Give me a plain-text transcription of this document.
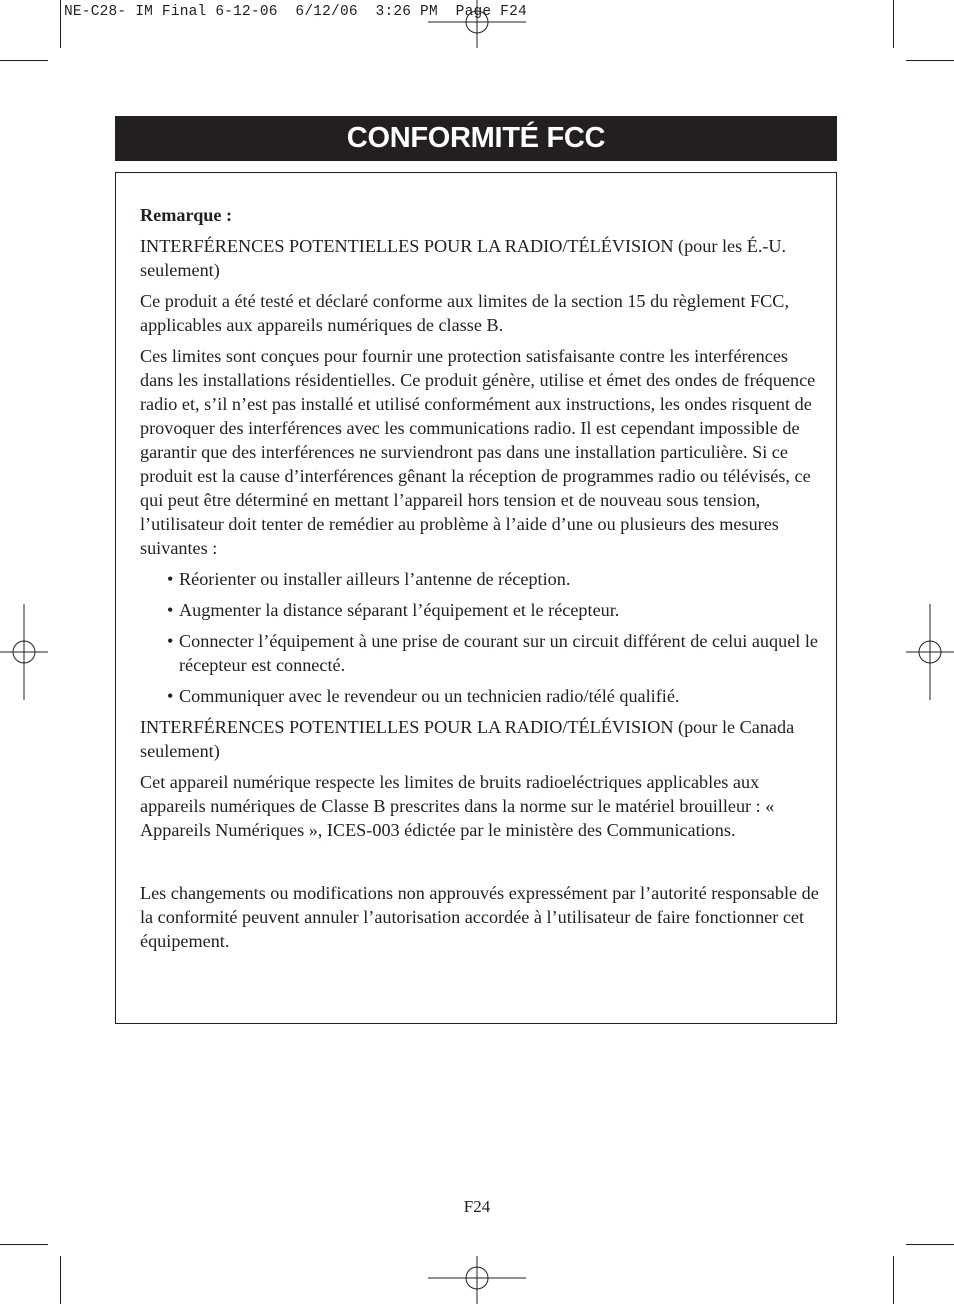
NE-C28- IM Final 6-12-06  6/12/06  3:26 PM  Page F24
CONFORMITÉ FCC

Remarque :

INTERFÉRENCES POTENTIELLES POUR LA RADIO/TÉLÉVISION (pour les É.-U. seulement)

Ce produit a été testé et déclaré conforme aux limites de la section 15 du règlement FCC, applicables aux appareils numériques de classe B.

Ces limites sont conçues pour fournir une protection satisfaisante contre les interférences dans les installations résidentielles. Ce produit génère, utilise et émet des ondes de fréquence radio et, s’il n’est pas installé et utilisé conformément aux instructions, les ondes risquent de provoquer des interférences avec les communications radio. Il est cependant impossible de garantir que des interférences ne surviendront pas dans une installation particulière. Si ce produit est la cause d’interférences gênant la réception de programmes radio ou télévisés, ce qui peut être déterminé en mettant l’appareil hors tension et de nouveau sous tension, l’utilisateur doit tenter de remédier au problème à l’aide d’une ou plusieurs des mesures suivantes :

• Réorienter ou installer ailleurs l’antenne de réception.
• Augmenter la distance séparant l’équipement et le récepteur.
• Connecter l’équipement à une prise de courant sur un circuit différent de celui auquel le récepteur est connecté.
• Communiquer avec le revendeur ou un technicien radio/télé qualifié.

INTERFÉRENCES POTENTIELLES POUR LA RADIO/TÉLÉVISION (pour le Canada seulement)

Cet appareil numérique respecte les limites de bruits radioeléctriques applicables aux appareils numériques de Classe B prescrites dans la norme sur le matériel brouilleur : « Appareils Numériques », ICES-003 édictée par le ministère des Communications.

Les changements ou modifications non approuvés expressément par l’autorité responsable de la conformité peuvent annuler l’autorisation accordée à l’utilisateur de faire fonctionner cet équipement.

F24
